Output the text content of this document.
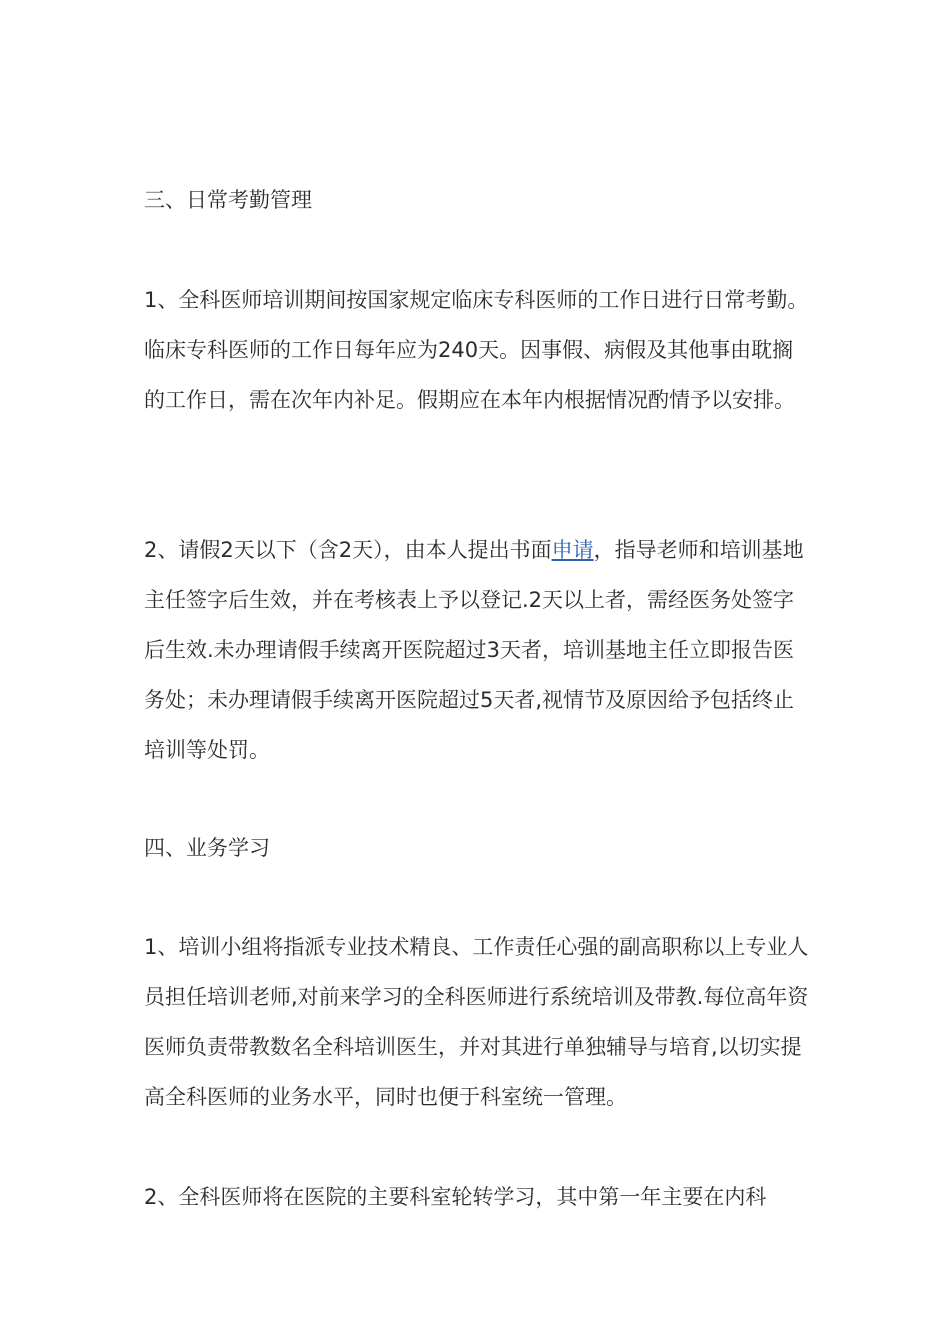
三、日常考勤管理

1、全科医师培训期间按国家规定临床专科医师的工作日进行日常考勤。临床专科医师的工作日每年应为240天。因事假、病假及其他事由耽搁的工作日，需在次年内补足。假期应在本年内根据情况酌情予以安排。

2、请假2天以下（含2天），由本人提出书面申请，指导老师和培训基地主任签字后生效，并在考核表上予以登记.2天以上者，需经医务处签字后生效.未办理请假手续离开医院超过3天者，培训基地主任立即报告医务处；未办理请假手续离开医院超过5天者,视情节及原因给予包括终止培训等处罚。

四、业务学习

1、培训小组将指派专业技术精良、工作责任心强的副高职称以上专业人员担任培训老师,对前来学习的全科医师进行系统培训及带教.每位高年资医师负责带教数名全科培训医生，并对其进行单独辅导与培育,以切实提高全科医师的业务水平，同时也便于科室统一管理。

2、全科医师将在医院的主要科室轮转学习，其中第一年主要在内科
